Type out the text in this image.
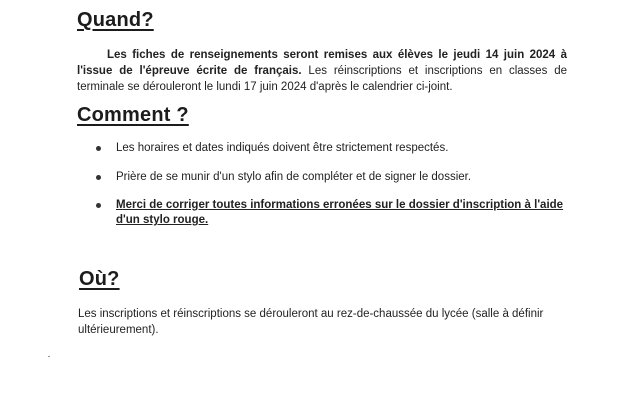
Quand?

Les fiches de renseignements seront remises aux élèves le jeudi 14 juin 2024 à l'issue de l'épreuve écrite de français. Les réinscriptions et inscriptions en classes de terminale se dérouleront le lundi 17 juin 2024 d'après le calendrier ci-joint.

Comment ?
Les horaires et dates indiqués doivent être strictement respectés.
Prière de se munir d'un stylo afin de compléter et de signer le dossier.
Merci de corriger toutes informations erronées sur le dossier d'inscription à l'aide d'un stylo rouge.
Où?

Les inscriptions et réinscriptions se dérouleront au rez-de-chaussée du lycée (salle à définir ultérieurement).
